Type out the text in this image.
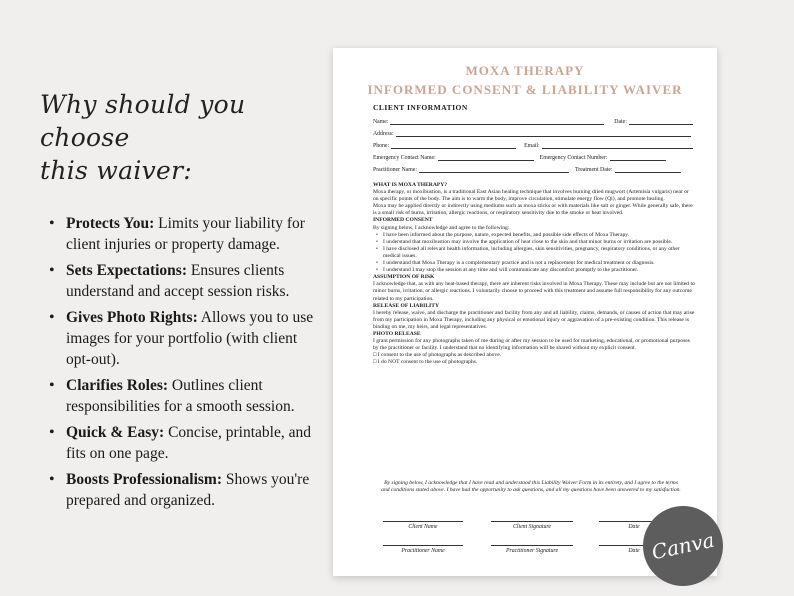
Why should you choose
this waiver:
• Protects You: Limits your liability for client injuries or property damage.
• Sets Expectations: Ensures clients understand and accept session risks.
• Gives Photo Rights: Allows you to use images for your portfolio (with client opt-out).
• Clarifies Roles: Outlines client responsibilities for a smooth session.
• Quick & Easy: Concise, printable, and fits on one page.
• Boosts Professionalism: Shows you're prepared and organized.
MOXA THERAPY
INFORMED CONSENT & LIABILITY WAIVER
CLIENT INFORMATION
Name:	Date:
Address:
Phone:	Email:
Emergency Contact Name:	Emergency Contact Number:
Practitioner Name:	Treatment Date:
WHAT IS MOXA THERAPY?
Moxa therapy, or moxibustion, is a traditional East Asian healing technique that involves burning dried mugwort (Artemisia vulgaris) near or on specific points of the body. The aim is to warm the body, improve circulation, stimulate energy flow (Qi), and promote healing.
Moxa may be applied directly or indirectly using mediums such as moxa sticks or with materials like salt or ginger. While generally safe, there is a small risk of burns, irritation, allergic reactions, or respiratory sensitivity due to the smoke or heat involved.
INFORMED CONSENT
By signing below, I acknowledge and agree to the following:
• I have been informed about the purpose, nature, expected benefits, and possible side effects of Moxa Therapy.
• I understand that moxibustion may involve the application of heat close to the skin and that minor burns or irritation are possible.
• I have disclosed all relevant health information, including allergies, skin sensitivities, pregnancy, respiratory conditions, or any other medical issues.
• I understand that Moxa Therapy is a complementary practice and is not a replacement for medical treatment or diagnosis.
• I understand I may stop the session at any time and will communicate any discomfort promptly to the practitioner.
ASSUMPTION OF RISK
I acknowledge that, as with any heat-based therapy, there are inherent risks involved in Moxa Therapy. These may include but are not limited to minor burns, irritation, or allergic reactions. I voluntarily choose to proceed with this treatment and assume full responsibility for any outcome related to my participation.
RELEASE OF LIABILITY
I hereby release, waive, and discharge the practitioner and facility from any and all liability, claims, demands, or causes of action that may arise from my participation in Moxa Therapy, including any physical or emotional injury or aggravation of a pre-existing condition. This release is binding on me, my heirs, and legal representatives.
PHOTO RELEASE
I grant permission for any photographs taken of me during or after my session to be used for marketing, educational, or promotional purposes by the practitioner or facility. I understand that no identifying information will be shared without my explicit consent.
□ I consent to the use of photographs as described above.
□ I do NOT consent to the use of photographs.
By signing below, I acknowledge that I have read and understood this Liability Waiver Form in its entirety, and I agree to the terms and conditions stated above. I have had the opportunity to ask questions, and all my questions have been answered to my satisfaction.
Client Name	Client Signature	Date
Practitioner Name	Practitioner Signature	Date Canva
